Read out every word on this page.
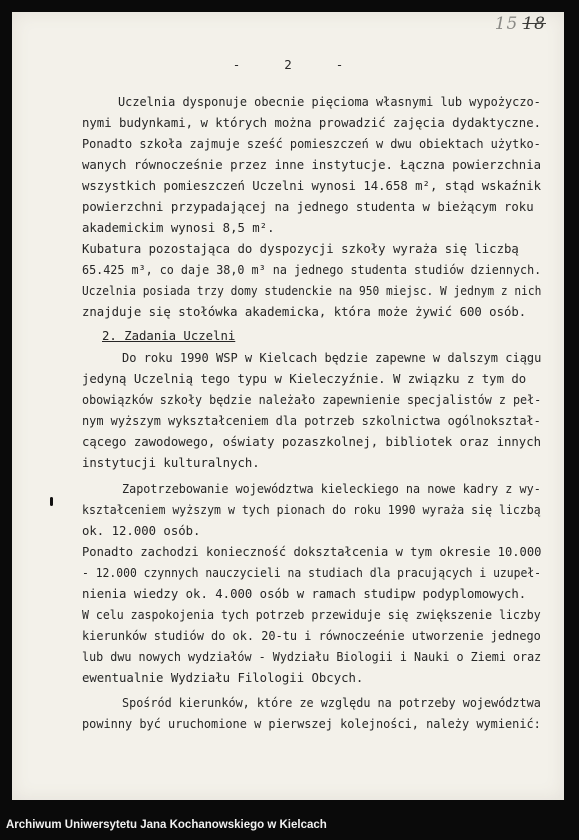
15 18
-	2	-
Uczelnia dysponuje obecnie pięcioma własnymi lub wypożyczo-
nymi budynkami, w których można prowadzić zajęcia dydaktyczne.
Ponadto szkoła zajmuje sześć pomieszczeń w dwu obiektach użytko-
wanych równocześnie przez inne instytucje. Łączna powierzchnia
wszystkich pomieszczeń Uczelni wynosi 14.658 m², stąd wskaźnik
powierzchni przypadającej na jednego studenta w bieżącym roku
akademickim wynosi 8,5 m².
Kubatura pozostająca do dyspozycji szkoły wyraża się liczbą
65.425 m³, co daje 38,0 m³ na jednego studenta studiów dziennych.
Uczelnia posiada trzy domy studenckie na 950 miejsc. W jednym z nich
znajduje się stołówka akademicka, która może żywić 600 osób.
2. Zadania Uczelni
Do roku 1990 WSP w Kielcach będzie zapewne w dalszym ciągu
jedyną Uczelnią tego typu w Kieleczyźnie. W związku z tym do
obowiązków szkoły będzie należało zapewnienie specjalistów z peł-
nym wyższym wykształceniem dla potrzeb szkolnictwa ogólnokształ-
cącego zawodowego, oświaty pozaszkolnej, bibliotek oraz innych
instytucji kulturalnych.
Zapotrzebowanie województwa kieleckiego na nowe kadry z wy-
kształceniem wyższym w tych pionach do roku 1990 wyraża się liczbą
ok. 12.000 osób.
Ponadto zachodzi konieczność dokształcenia w tym okresie 10.000
- 12.000 czynnych nauczycieli na studiach dla pracujących i uzupeł-
nienia wiedzy ok. 4.000 osób w ramach studipw podyplomowych.
W celu zaspokojenia tych potrzeb przewiduje się zwiększenie liczby
kierunków studiów do ok. 20-tu i równoczeénie utworzenie jednego
lub dwu nowych wydziałów - Wydziału Biologii i Nauki o Ziemi oraz
ewentualnie Wydziału Filologii Obcych.
Spośród kierunków, które ze względu na potrzeby województwa
powinny być uruchomione w pierwszej kolejności, należy wymienić:
Archiwum Uniwersytetu Jana Kochanowskiego w Kielcach
